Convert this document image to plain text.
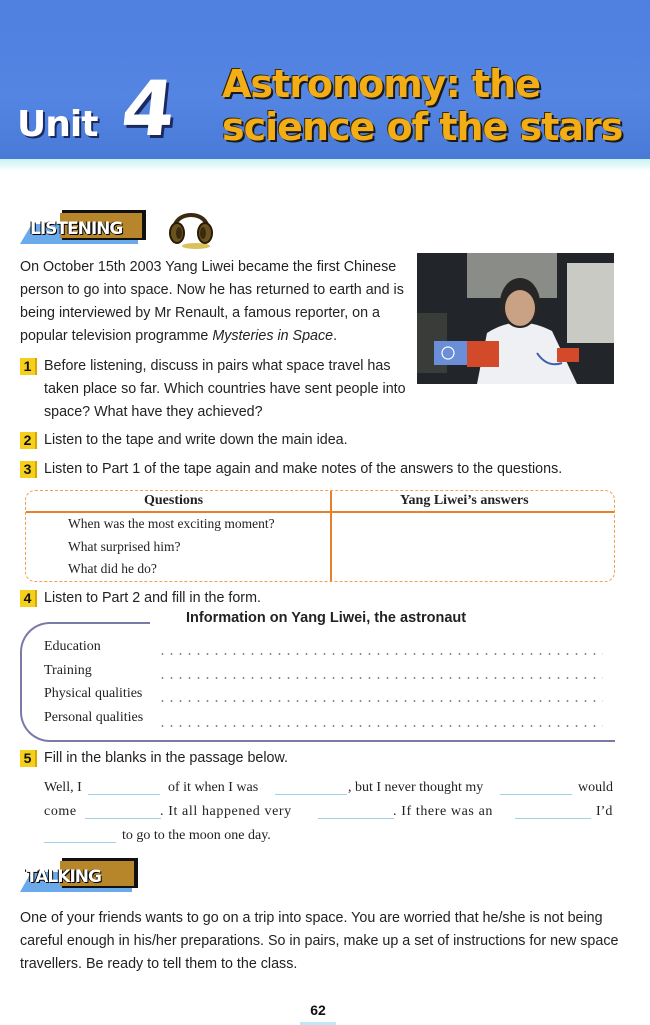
Unit 4 Astronomy: the
science of the stars
LISTENING
On October 15th 2003 Yang Liwei became the first Chinese person to go into space. Now he has returned to earth and is being interviewed by Mr Renault, a famous reporter, on a popular television programme Mysteries in Space.
1 Before listening, discuss in pairs what space travel has taken place so far. Which countries have sent people into space? What have they achieved?
2 Listen to the tape and write down the main idea.
3 Listen to Part 1 of the tape again and make notes of the answers to the questions.
Questions	Yang Liwei’s answers
When was the most exciting moment?
What surprised him?
What did he do?
4 Listen to Part 2 and fill in the form.
Information on Yang Liwei, the astronaut
Education
Training
Physical qualities
Personal qualities
5 Fill in the blanks in the passage below.
Well, I	of it when I was	, but I never thought my	would
come	. It all happened very	. If there was an	I’d
to go to the moon one day.
TALKING
One of your friends wants to go on a trip into space. You are worried that he/she is not being careful enough in his/her preparations. So in pairs, make up a set of instructions for new space travellers. Be ready to tell them to the class.
62
